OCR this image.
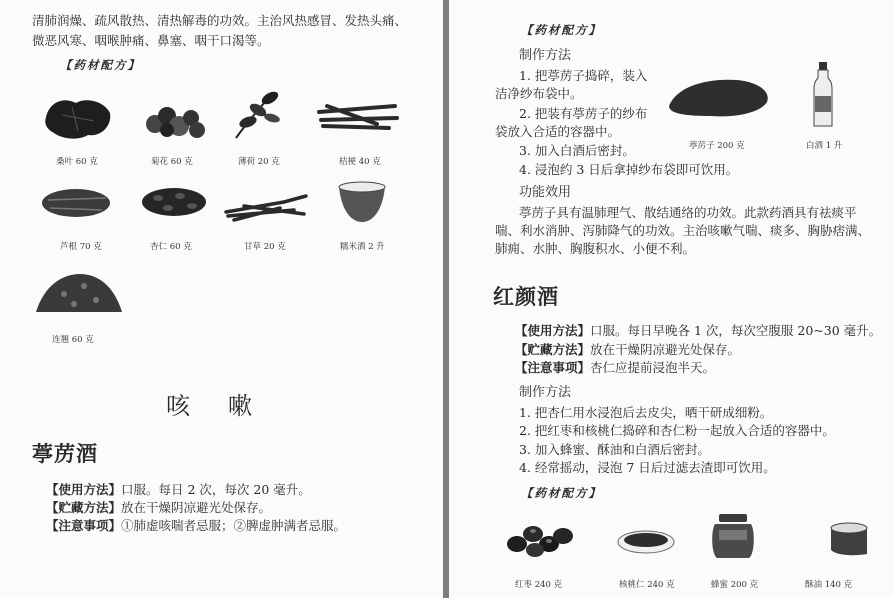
清肺润燥、疏风散热、清热解毒的功效。主治风热感冒、发热头痛、
微恶风寒、咽喉肿痛、鼻塞、咽干口渴等。
【药材配方】
桑叶 60 克	菊花 60 克	薄荷 20 克	桔梗 40 克
芦根 70 克	杏仁 60 克	甘草 20 克	糯米酒 2 升
连翘 60 克
咳嗽
葶苈酒
【使用方法】口服。每日 2 次，每次 20 毫升。
【贮藏方法】放在干燥阴凉避光处保存。
【注意事项】①肺虚咳喘者忌服；②脾虚肿满者忌服。
【药材配方】
制作方法
1. 把葶苈子捣碎，装入
洁净纱布袋中。
2. 把装有葶苈子的纱布
袋放入合适的容器中。
3. 加入白酒后密封。
4. 浸泡约 3 日后拿掉纱布袋即可饮用。
葶苈子 200 克	白酒 1 升
功能效用
葶苈子具有温肺理气、散结通络的功效。此款药酒具有祛痰平
喘、利水消肿、泻肺降气的功效。主治咳嗽气喘、痰多、胸胁痞满、
肺痈、水肿、胸腹积水、小便不利。
红颜酒
【使用方法】口服。每日早晚各 1 次，每次空腹服 20~30 毫升。
【贮藏方法】放在干燥阴凉避光处保存。
【注意事项】杏仁应提前浸泡半天。
制作方法
1. 把杏仁用水浸泡后去皮尖，晒干研成细粉。
2. 把红枣和核桃仁捣碎和杏仁粉一起放入合适的容器中。
3. 加入蜂蜜、酥油和白酒后密封。
4. 经常摇动，浸泡 7 日后过滤去渣即可饮用。
【药材配方】
红枣 240 克	核桃仁 240 克	蜂蜜 200 克	酥油 140 克
